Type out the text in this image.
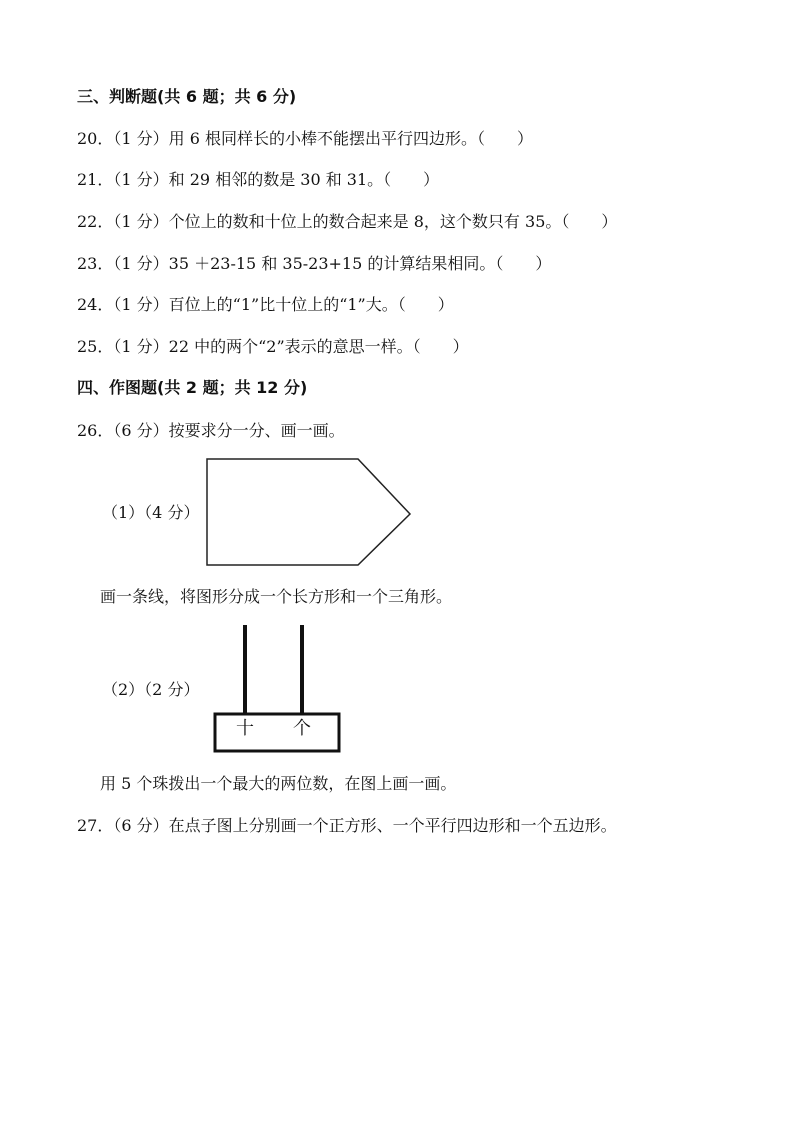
三、判断题(共 6 题；共 6 分)
20．（1 分）用 6 根同样长的小棒不能摆出平行四边形。（　　）
21．（1 分）和 29 相邻的数是 30 和 31。（　　）
22．（1 分）个位上的数和十位上的数合起来是 8，这个数只有 35。（　　）
23．（1 分）35 ＋23-15 和 35-23+15 的计算结果相同。（　　）
24．（1 分）百位上的“1”比十位上的“1”大。（　　）
25．（1 分）22 中的两个“2”表示的意思一样。（　　）
四、作图题(共 2 题；共 12 分)
26．（6 分）按要求分一分、画一画。
（1）（4 分）
画一条线，将图形分成一个长方形和一个三角形。
（2）（2 分）
十 个
用 5 个珠拨出一个最大的两位数，在图上画一画。
27．（6 分）在点子图上分别画一个正方形、一个平行四边形和一个五边形。
